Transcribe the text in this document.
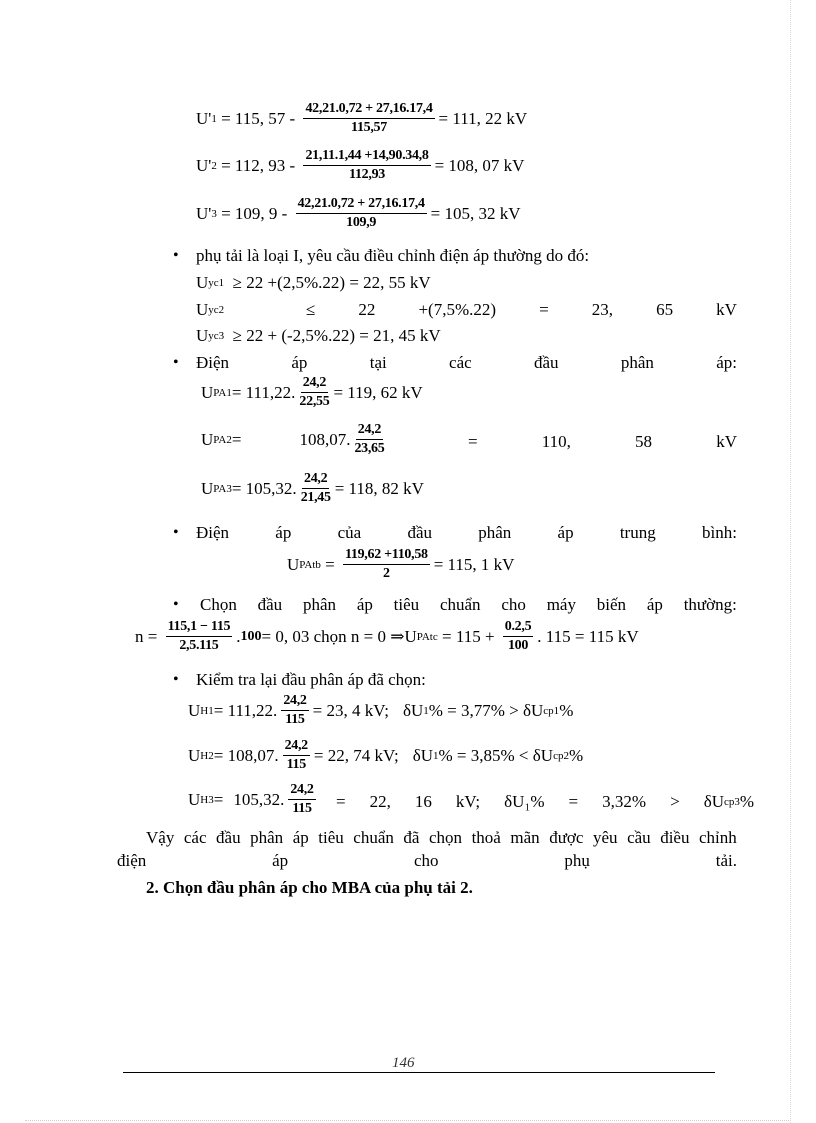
U' 1 = 115, $57 - \frac{42,21.0,72 + 27,16.17,4}{115,57} = 111$, 22 kV
U' 2 = 112, $93 - \frac{21,11.1,44 +14,90.34,8}{112,93} = 108$, 07 kV
U' 3 = 109, $9 - \frac{42,21.0,72 + 27,16.17,4}{109,9} = 105$, 32 kV
• phụ tải là loại I, yêu cầu điều chỉnh điện áp thường do đó:
U yc1 ≥ 22 +(2,5%.22) = 22, 55 kV
U yc2	≤	22	+(7,5%.22)	=	23,	65	kV
U yc3 ≥ 22 + (-2,5%.22) = 21, 45 kV
• Điện	áp	tại	các	đầu	phân	áp:
U PA1 = 111,22. $\frac{24,2}{22,55} = 119$, 62 kV
U PA2 =	108,07. $\frac{24,2}{23,65}$	=	110,	58	kV
U PA3 = 105,32. $\frac{24,2}{21,45} = 118$, 82 kV
• Điện	áp	của	đầu	phân	áp	trung	bình:
U PAtb = $\frac{119,62 +110,58}{2} = 115$, 1 kV
• Chọn đầu phân áp tiêu chuẩn cho máy biến áp thường:
$n = \frac{115,1 - 115}{2,5.115}$ . 100 = 0, 03 chọn n = 0 ⇒U PAtc = $115 + \frac{0.2,5}{100}$ . 115 = 115 kV
• Kiểm tra lại đầu phân áp đã chọn:
U H1 = 111,22. $\frac{24,2}{115} = 23$, 4 kV; δU 1 % = 3,77% > δU cp1 %
U H2 = 108,07. $\frac{24,2}{115} = 22$, 74 kV; δU 1 % = 3,85% < δU cp2 %
U H3 = 105,32. $\frac{24,2}{115} = 22$, 16 kV; δU₁% = 3,32% > δU cp3 %
Vậy các đầu phân áp tiêu chuẩn đã chọn thoả mãn được yêu cầu điều chỉnh
điện	áp	cho	phụ	tải.
2. Chọn đầu phân áp cho MBA của phụ tải 2.
146
